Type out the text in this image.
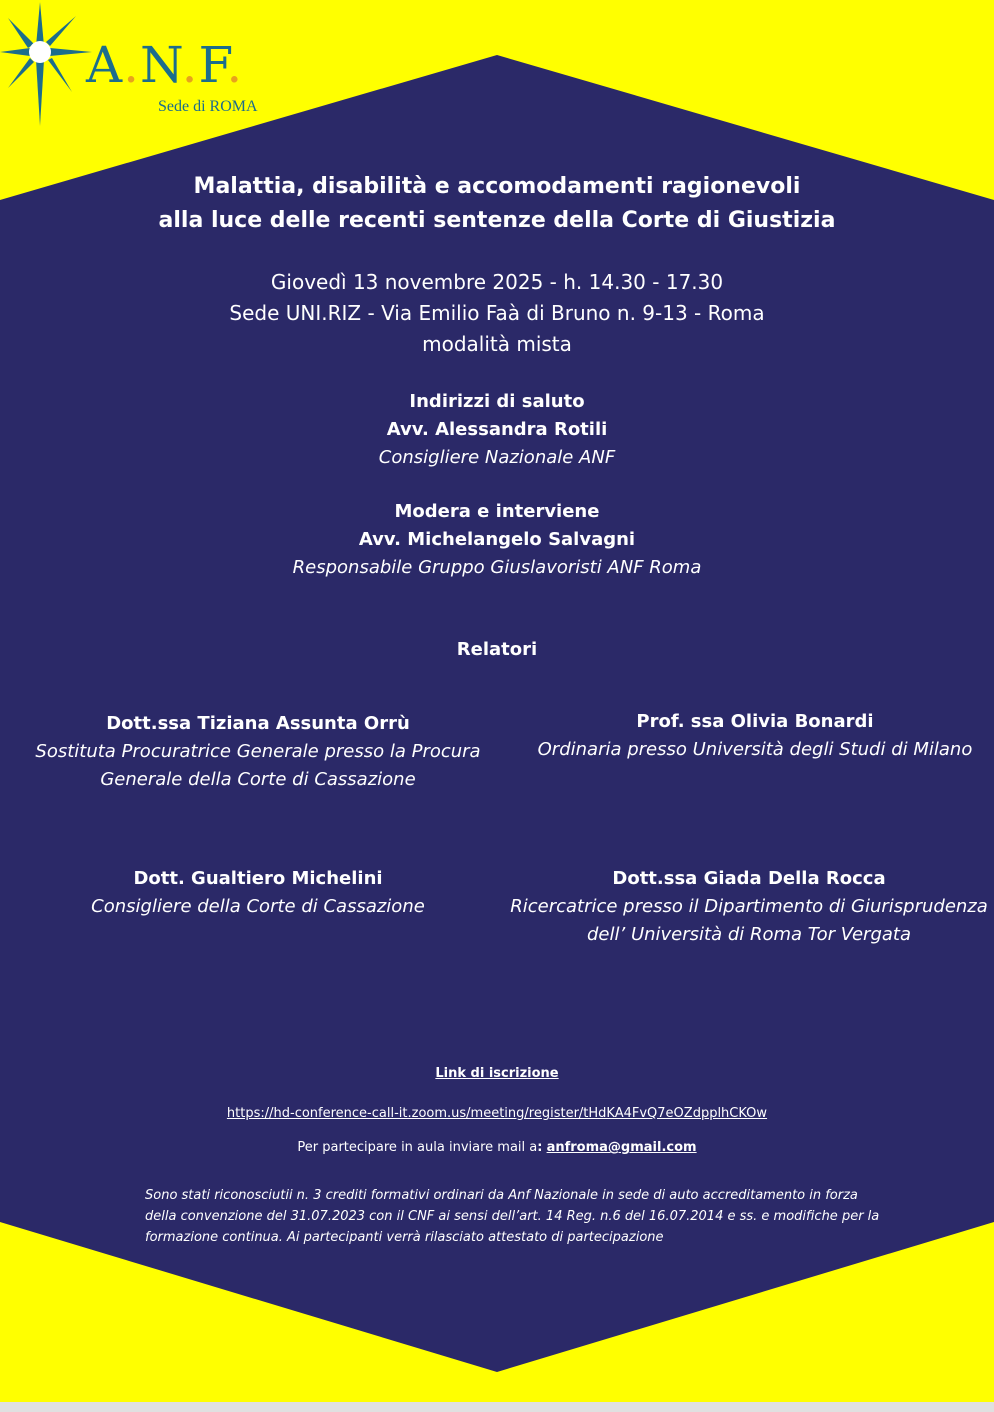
A.N.F.
Sede di ROMA
Malattia, disabilità e accomodamenti ragionevoli
alla luce delle recenti sentenze della Corte di Giustizia
Giovedì 13 novembre 2025 - h. 14.30 - 17.30
Sede UNI.RIZ - Via Emilio Faà di Bruno n. 9-13 - Roma
modalità mista
Indirizzi di saluto
Avv. Alessandra Rotili
Consigliere Nazionale ANF
Modera e interviene
Avv. Michelangelo Salvagni
Responsabile Gruppo Giuslavoristi ANF Roma
Relatori
Dott.ssa Tiziana Assunta Orrù
Sostituta Procuratrice Generale presso la Procura
Generale della Corte di Cassazione
Prof. ssa Olivia Bonardi
Ordinaria presso Università degli Studi di Milano
Dott. Gualtiero Michelini
Consigliere della Corte di Cassazione
Dott.ssa Giada Della Rocca
Ricercatrice presso il Dipartimento di Giurisprudenza
dell’ Università di Roma Tor Vergata
Link di iscrizione
https://hd-conference-call-it.zoom.us/meeting/register/tHdKA4FvQ7eOZdpplhCKOw
Per partecipare in aula inviare mail a: anfroma@gmail.com
Sono stati riconosciutii n. 3 crediti formativi ordinari da Anf Nazionale in sede di auto accreditamento in forza
della convenzione del 31.07.2023 con il CNF ai sensi dell’art. 14 Reg. n.6 del 16.07.2014 e ss. e modifiche per la
formazione continua. Ai partecipanti verrà rilasciato attestato di partecipazione
